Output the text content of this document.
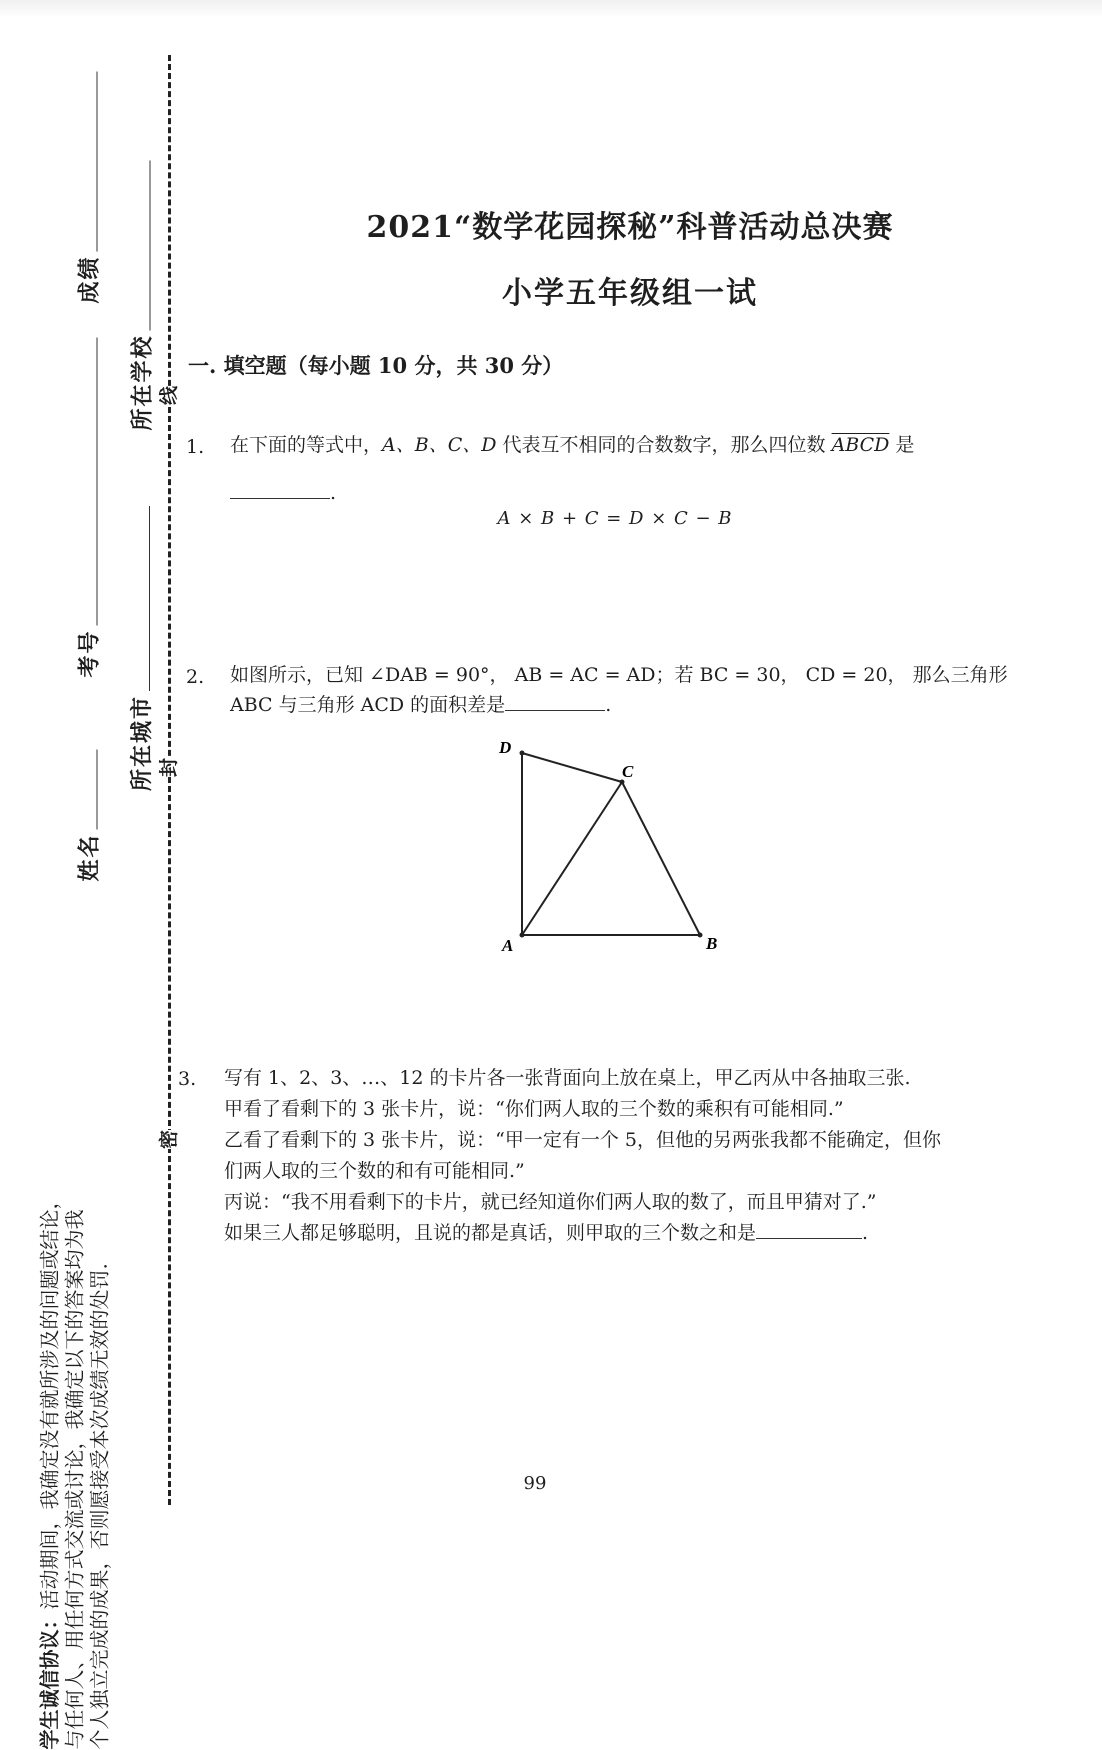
线
封
密
成绩
考号
姓名
所在学校
所在城市
学生诚信协议：活动期间，我确定没有就所涉及的问题或结论， 与任何人、用任何方式交流或讨论，我确定以下的答案均为我 个人独立完成的成果，否则愿接受本次成绩无效的处罚.
2021“数学花园探秘”科普活动总决赛
小学五年级组一试
一. 填空题（每小题 10 分，共 30 分）
1. 在下面的等式中，A、B、C、D 代表互不相同的合数数字，那么四位数 ABCD 是
.
A × B + C = D × C − B
2. 如图所示，已知 ∠DAB = 90°， AB = AC = AD；若 BC = 30， CD = 20， 那么三角形
ABC 与三角形 ACD 的面积差是	.
D
C
A	B
3. 写有 1、2、3、…、12 的卡片各一张背面向上放在桌上，甲乙丙从中各抽取三张.
甲看了看剩下的 3 张卡片，说：“你们两人取的三个数的乘积有可能相同.”
乙看了看剩下的 3 张卡片，说：“甲一定有一个 5，但他的另两张我都不能确定，但你
们两人取的三个数的和有可能相同.”
丙说：“我不用看剩下的卡片，就已经知道你们两人取的数了，而且甲猜对了.”
如果三人都足够聪明，且说的都是真话，则甲取的三个数之和是	.
99
